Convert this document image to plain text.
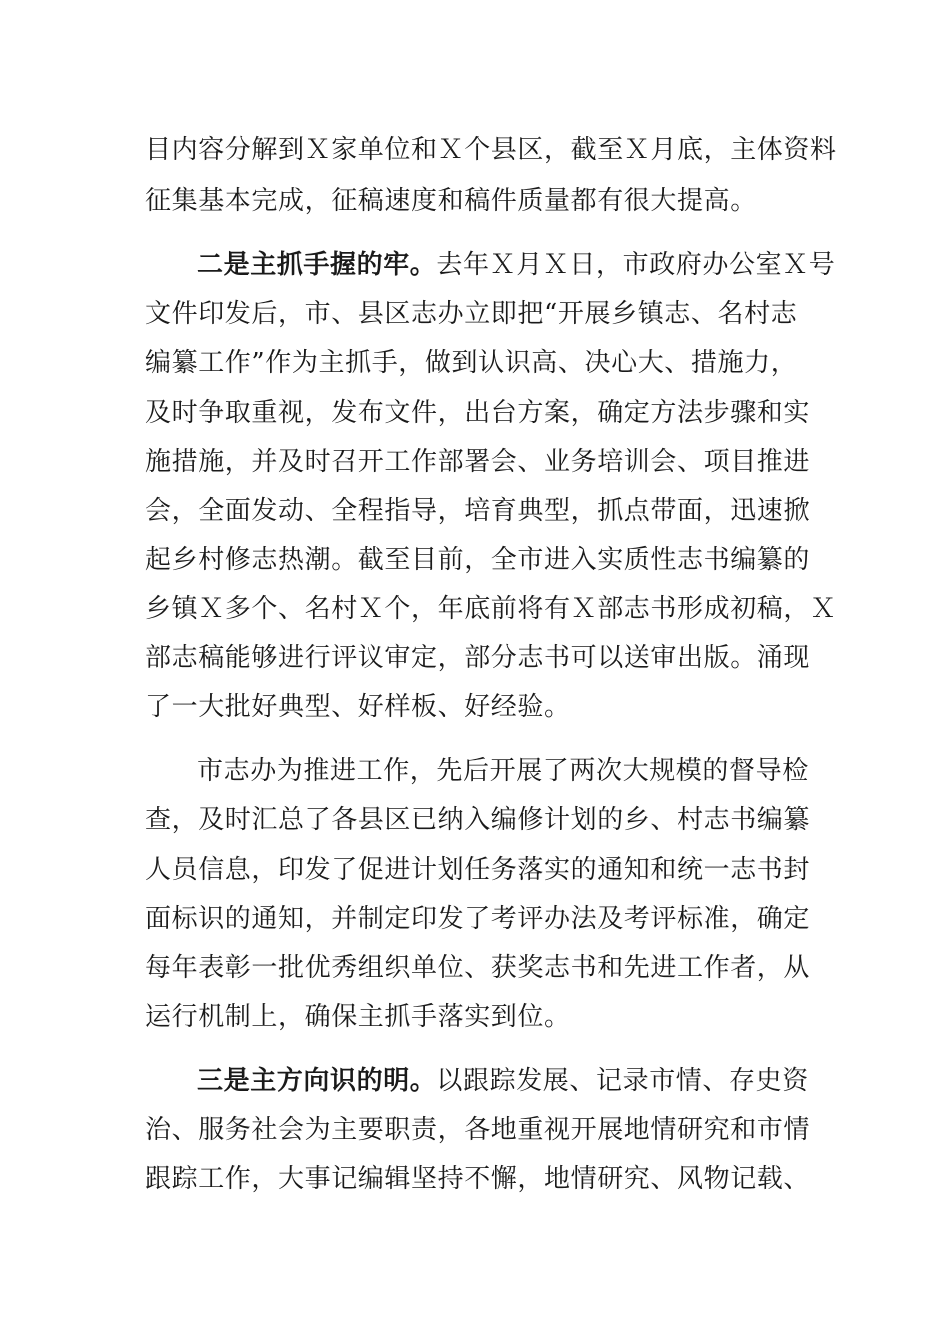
目内容分解到Ｘ家单位和Ｘ个县区，截至Ｘ月底，主体资料
征集基本完成，征稿速度和稿件质量都有很大提高。
二是主抓手握的牢。去年Ｘ月Ｘ日，市政府办公室Ｘ号
文件印发后，市、县区志办立即把“开展乡镇志、名村志
编纂工作”作为主抓手，做到认识高、决心大、措施力，
及时争取重视，发布文件，出台方案，确定方法步骤和实
施措施，并及时召开工作部署会、业务培训会、项目推进
会，全面发动、全程指导，培育典型，抓点带面，迅速掀
起乡村修志热潮。截至目前，全市进入实质性志书编纂的
乡镇Ｘ多个、名村Ｘ个，年底前将有Ｘ部志书形成初稿，Ｘ
部志稿能够进行评议审定，部分志书可以送审出版。涌现
了一大批好典型、好样板、好经验。
市志办为推进工作，先后开展了两次大规模的督导检
查，及时汇总了各县区已纳入编修计划的乡、村志书编纂
人员信息，印发了促进计划任务落实的通知和统一志书封
面标识的通知，并制定印发了考评办法及考评标准，确定
每年表彰一批优秀组织单位、获奖志书和先进工作者，从
运行机制上，确保主抓手落实到位。
三是主方向识的明。以跟踪发展、记录市情、存史资
治、服务社会为主要职责，各地重视开展地情研究和市情
跟踪工作，大事记编辑坚持不懈，地情研究、风物记载、
